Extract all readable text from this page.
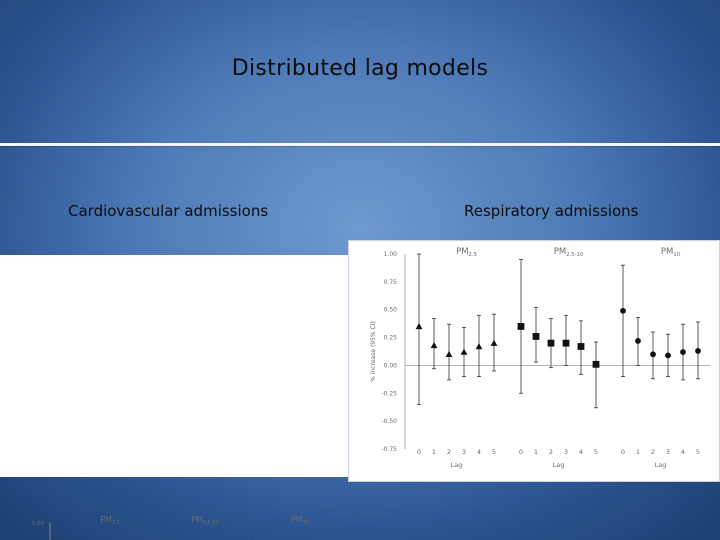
Distributed lag models
Cardiovascular admissions	Respiratory admissions
1.00	$PM_{2.5}$	$PM_{2.5-10}$	$PM_{10}$
1.00
0.75
0.50
0.25
0.00
-0.25
-0.50
-0.75
% increase (95% CI)
$PM_{2.5}$
Lag
0 1 2 3 4 5
$PM_{2.5-10}$
Lag
0 1 2 3 4 5
$PM_{10}$
Lag
0 1 2 3 4 5
